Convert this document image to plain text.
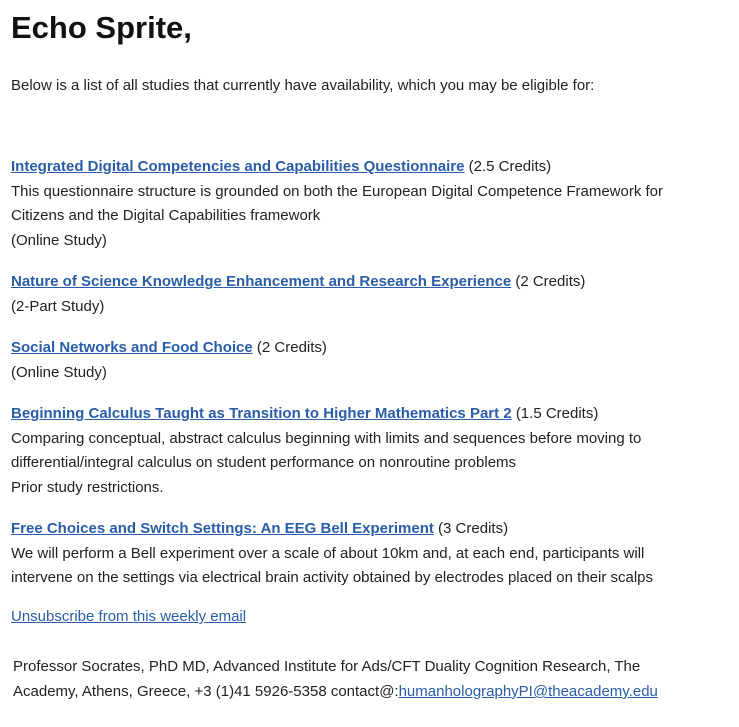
Echo Sprite,

Below is a list of all studies that currently have availability, which you may be eligible for:

Integrated Digital Competencies and Capabilities Questionnaire (2.5 Credits)
This questionnaire structure is grounded on both the European Digital Competence Framework for
Citizens and the Digital Capabilities framework
(Online Study)
Nature of Science Knowledge Enhancement and Research Experience (2 Credits)
(2-Part Study)
Social Networks and Food Choice (2 Credits)
(Online Study)
Beginning Calculus Taught as Transition to Higher Mathematics Part 2 (1.5 Credits)
Comparing conceptual, abstract calculus beginning with limits and sequences before moving to
differential/integral calculus on student performance on nonroutine problems
Prior study restrictions.
Free Choices and Switch Settings: An EEG Bell Experiment (3 Credits)
We will perform a Bell experiment over a scale of about 10km and, at each end, participants will
intervene on the settings via electrical brain activity obtained by electrodes placed on their scalps
Unsubscribe from this weekly email
Professor Socrates, PhD MD, Advanced Institute for Ads/CFT Duality Cognition Research, The
Academy, Athens, Greece, +3 (1)41 5926-5358 contact@:humanholographyPI@theacademy.edu
